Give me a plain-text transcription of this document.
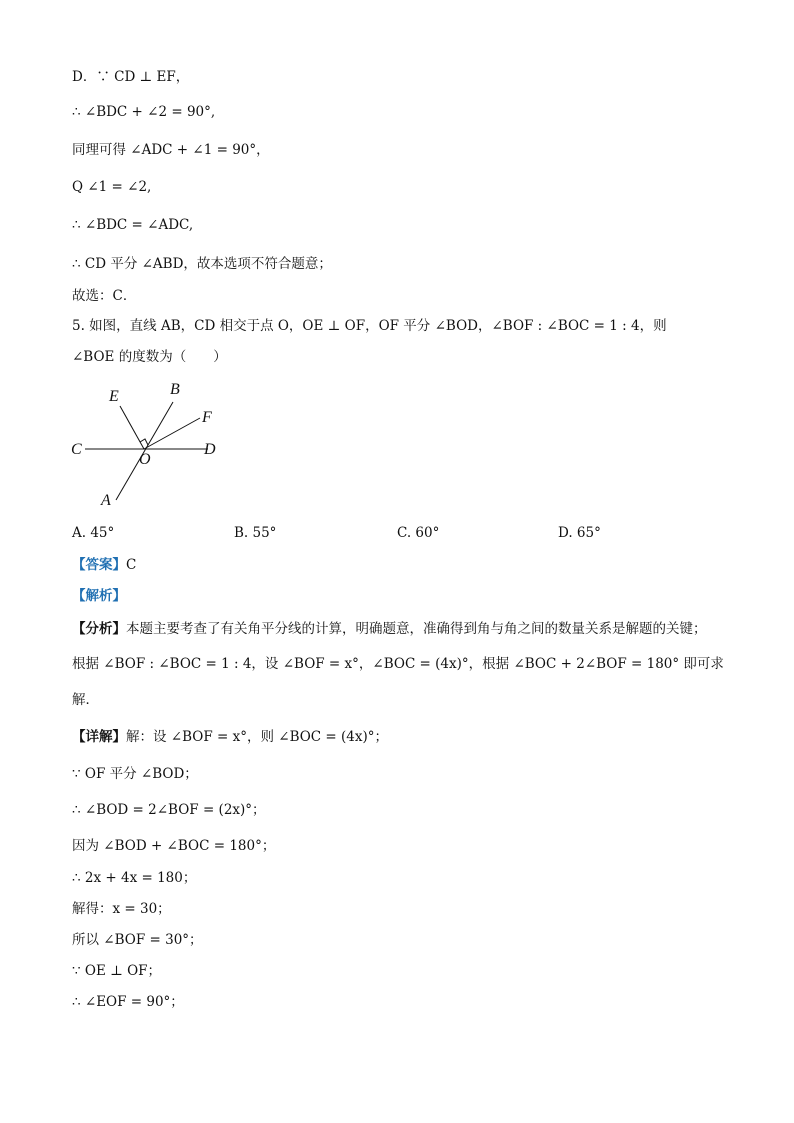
D．∵ CD ⊥ EF，
∴ ∠BDC + ∠2 = 90°,
同理可得 ∠ADC + ∠1 = 90°，
Q ∠1 = ∠2,
∴ ∠BDC = ∠ADC,
∴ CD 平分 ∠ABD，故本选项不符合题意；
故选：C．
5. 如图，直线 AB，CD 相交于点 O，OE ⊥ OF，OF 平分 ∠BOD，∠BOF : ∠BOC = 1 : 4，则
∠BOE 的度数为（　　）
E	B
F
C
O
D
A
A. 45°	B. 55°	C. 60°	D. 65°
【答案】C
【解析】
【分析】本题主要考查了有关角平分线的计算，明确题意，准确得到角与角之间的数量关系是解题的关键；
根据 ∠BOF : ∠BOC = 1 : 4，设 ∠BOF = x°，∠BOC = (4x)°，根据 ∠BOC + 2∠BOF = 180° 即可求
解．
【详解】解：设 ∠BOF = x°，则 ∠BOC = (4x)°；
∵ OF 平分 ∠BOD；
∴ ∠BOD = 2∠BOF = (2x)°；
因为 ∠BOD + ∠BOC = 180°；
∴ 2x + 4x = 180；
解得：x = 30；
所以 ∠BOF = 30°；
∵ OE ⊥ OF；
∴ ∠EOF = 90°；
